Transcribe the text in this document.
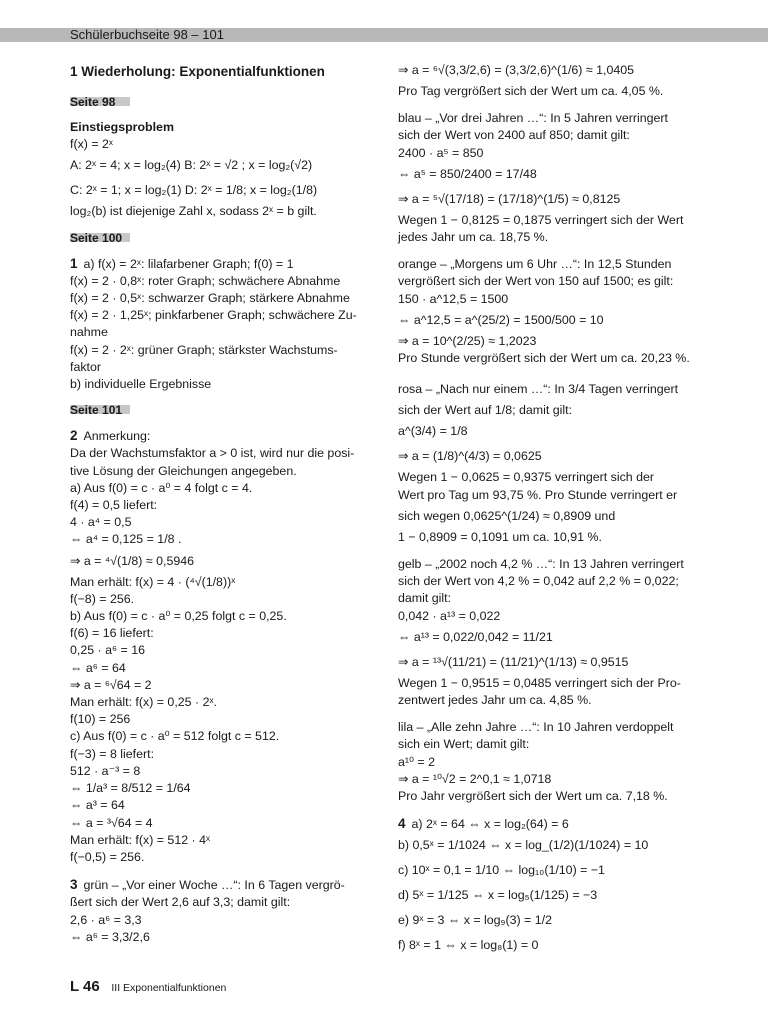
Schülerbuchseite 98 – 101
1 Wiederholung: Exponentialfunktionen
Seite 98
Einstiegsproblem
f(x) = 2ˣ
A: 2ˣ = 4; x = log₂(4) B: 2ˣ = √2 ; x = log₂(√2)
C: 2ˣ = 1; x = log₂(1) D: 2ˣ = 1/8; x = log₂(1/8)
log₂(b) ist diejenige Zahl x, sodass 2ˣ = b gilt.
Seite 100
1 a) f(x) = 2ˣ: lilafarbener Graph; f(0) = 1
f(x) = 2 · 0,8ˣ: roter Graph; schwächere Abnahme
f(x) = 2 · 0,5ˣ: schwarzer Graph; stärkere Abnahme
f(x) = 2 · 1,25ˣ; pinkfarbener Graph; schwächere Zu-
nahme
f(x) = 2 · 2ˣ: grüner Graph; stärkster Wachstums-
faktor
b) individuelle Ergebnisse
Seite 101
2 Anmerkung:
Da der Wachstumsfaktor a > 0 ist, wird nur die posi-
tive Lösung der Gleichungen angegeben.
a) Aus f(0) = c · a⁰ = 4 folgt c = 4.
f(4) = 0,5 liefert:
4 · a⁴ = 0,5
⇔ a⁴ = 0,125 = 1/8 .
⇒ a = ⁴√(1/8) ≈ 0,5946
Man erhält: f(x) = 4 · (⁴√(1/8))ˣ
f(−8) = 256.
b) Aus f(0) = c · a⁰ = 0,25 folgt c = 0,25.
f(6) = 16 liefert:
0,25 · a⁶ = 16
⇔ a⁶ = 64
⇒ a = ⁶√64 = 2
Man erhält: f(x) = 0,25 · 2ˣ.
f(10) = 256
c) Aus f(0) = c · a⁰ = 512 folgt c = 512.
f(−3) = 8 liefert:
512 · a⁻³ = 8
⇔ 1/a³ = 8/512 = 1/64
⇔ a³ = 64
⇔ a = ³√64 = 4
Man erhält: f(x) = 512 · 4ˣ
f(−0,5) = 256.
3 grün – „Vor einer Woche …“: In 6 Tagen vergrö-
ßert sich der Wert 2,6 auf 3,3; damit gilt:
2,6 · a⁶ = 3,3
⇔ a⁶ = 3,3/2,6
⇒ a = ⁶√(3,3/2,6) = (3,3/2,6)^(1/6) ≈ 1,0405
Pro Tag vergrößert sich der Wert um ca. 4,05 %.
blau – „Vor drei Jahren …“: In 5 Jahren verringert
sich der Wert von 2400 auf 850; damit gilt:
2400 · a⁵ = 850
⇔ a⁵ = 850/2400 = 17/48
⇒ a = ⁵√(17/18) = (17/18)^(1/5) ≈ 0,8125
Wegen 1 − 0,8125 = 0,1875 verringert sich der Wert
jedes Jahr um ca. 18,75 %.
orange – „Morgens um 6 Uhr …“: In 12,5 Stunden
vergrößert sich der Wert von 150 auf 1500; es gilt:
150 · a^12,5 = 1500
⇔ a^12,5 = a^(25/2) = 1500/500 = 10
⇒ a = 10^(2/25) ≈ 1,2023
Pro Stunde vergrößert sich der Wert um ca. 20,23 %.
rosa – „Nach nur einem …“: In 3/4 Tagen verringert
sich der Wert auf 1/8; damit gilt:
a^(3/4) = 1/8
⇒ a = (1/8)^(4/3) = 0,0625
Wegen 1 − 0,0625 = 0,9375 verringert sich der
Wert pro Tag um 93,75 %. Pro Stunde verringert er
sich wegen 0,0625^(1/24) ≈ 0,8909 und
1 − 0,8909 = 0,1091 um ca. 10,91 %.
gelb – „2002 noch 4,2 % …“: In 13 Jahren verringert
sich der Wert von 4,2 % = 0,042 auf 2,2 % = 0,022;
damit gilt:
0,042 · a¹³ = 0,022
⇔ a¹³ = 0,022/0,042 = 11/21
⇒ a = ¹³√(11/21) = (11/21)^(1/13) ≈ 0,9515
Wegen 1 − 0,9515 = 0,0485 verringert sich der Pro-
zentwert jedes Jahr um ca. 4,85 %.
lila – „Alle zehn Jahre …“: In 10 Jahren verdoppelt
sich ein Wert; damit gilt:
a¹⁰ = 2
⇒ a = ¹⁰√2 = 2^0,1 ≈ 1,0718
Pro Jahr vergrößert sich der Wert um ca. 7,18 %.
4 a) 2ˣ = 64 ⇔ x = log₂(64) = 6
b) 0,5ˣ = 1/1024 ⇔ x = log_(1/2)(1/1024) = 10
c) 10ˣ = 0,1 = 1/10 ⇔ log₁₀(1/10) = −1
d) 5ˣ = 1/125 ⇔ x = log₅(1/125) = −3
e) 9ˣ = 3 ⇔ x = log₉(3) = 1/2
f) 8ˣ = 1 ⇔ x = log₈(1) = 0
L 46 III Exponentialfunktionen
